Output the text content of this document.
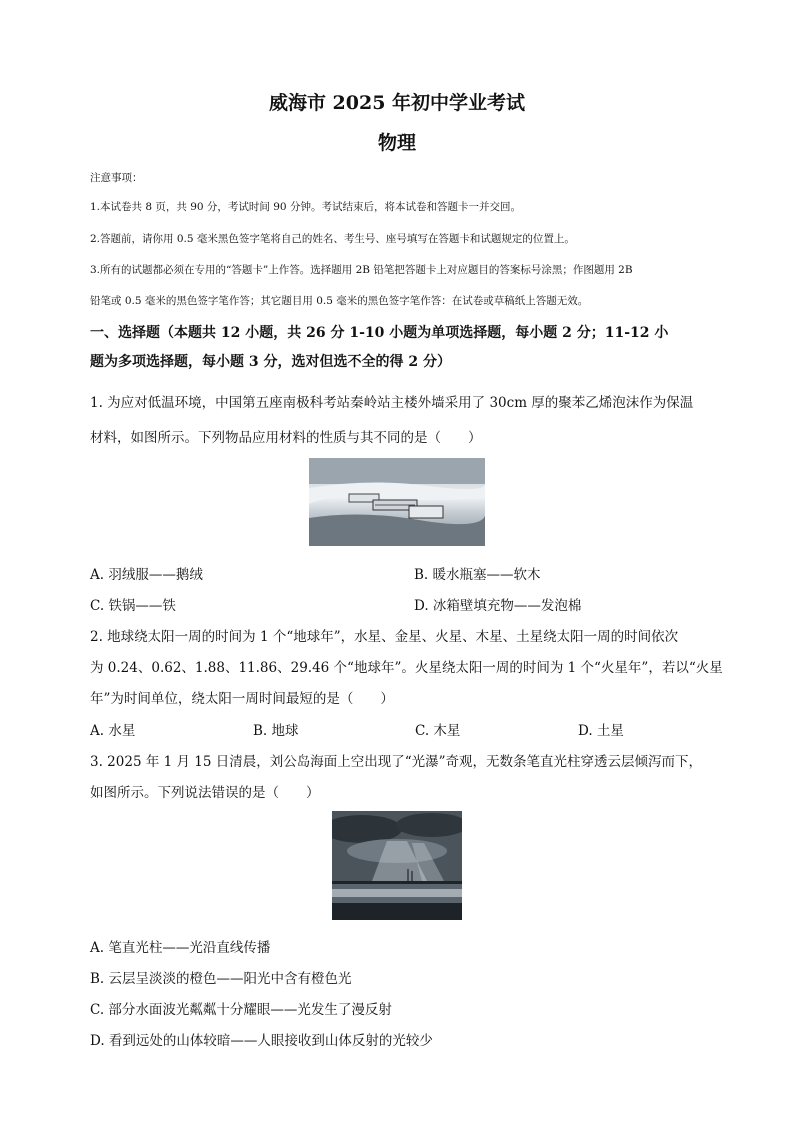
威海市 2025 年初中学业考试
物理
注意事项：
1.本试卷共 8 页，共 90 分，考试时间 90 分钟。考试结束后，将本试卷和答题卡一并交回。
2.答题前，请你用 0.5 毫米黑色签字笔将自己的姓名、考生号、座号填写在答题卡和试题规定的位置上。
3.所有的试题都必须在专用的“答题卡”上作答。选择题用 2B 铅笔把答题卡上对应题目的答案标号涂黑；作图题用 2B
铅笔或 0.5 毫米的黑色签字笔作答；其它题目用 0.5 毫米的黑色签字笔作答：在试卷或草稿纸上答题无效。
一、选择题（本题共 12 小题，共 26 分 1-10 小题为单项选择题，每小题 2 分；11-12 小
题为多项选择题，每小题 3 分，选对但选不全的得 2 分）
1. 为应对低温环境，中国第五座南极科考站秦岭站主楼外墙采用了 30cm 厚的聚苯乙烯泡沫作为保温
材料，如图所示。下列物品应用材料的性质与其不同的是（　　）
A. 羽绒服——鹅绒	B. 暖水瓶塞——软木
C. 铁锅——铁	D. 冰箱壁填充物——发泡棉
2. 地球绕太阳一周的时间为 1 个“地球年”，水星、金星、火星、木星、土星绕太阳一周的时间依次
为 0.24、0.62、1.88、11.86、29.46 个“地球年”。火星绕太阳一周的时间为 1 个“火星年”，若以“火星
年”为时间单位，绕太阳一周时间最短的是（　　）
A. 水星	B. 地球	C. 木星	D. 土星
3. 2025 年 1 月 15 日清晨，刘公岛海面上空出现了“光瀑”奇观，无数条笔直光柱穿透云层倾泻而下，
如图所示。下列说法错误的是（　　）
A. 笔直光柱——光沿直线传播
B. 云层呈淡淡的橙色——阳光中含有橙色光
C. 部分水面波光粼粼十分耀眼——光发生了漫反射
D. 看到远处的山体较暗——人眼接收到山体反射的光较少
